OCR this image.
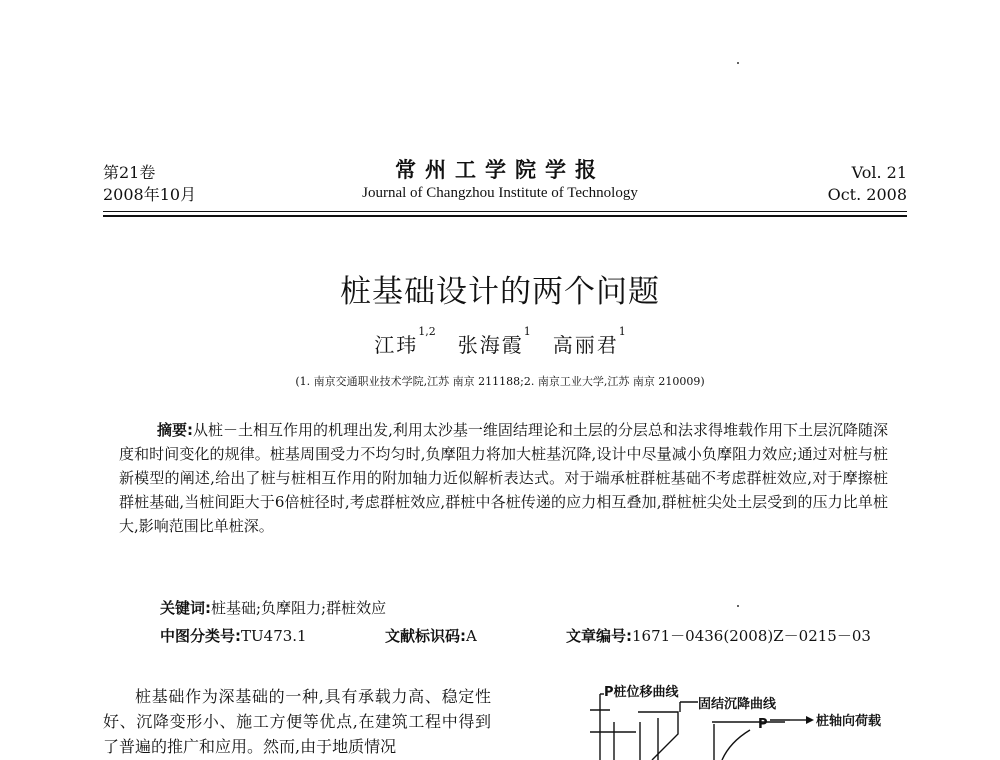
第21卷
2008年10月
常州工学院学报
Journal of Changzhou Institute of Technology
Vol. 21
Oct. 2008
桩基础设计的两个问题
江玮$^{1,2}$张海霞$^1$高丽君$^1$
(1. 南京交通职业技术学院,江苏 南京 211188;2. 南京工业大学,江苏 南京 210009)
摘要:从桩－土相互作用的机理出发,利用太沙基一维固结理论和土层的分层总和法求得堆载作用下土层沉降随深度和时间变化的规律。桩基周围受力不均匀时,负摩阻力将加大桩基沉降,设计中尽量减小负摩阻力效应;通过对桩与桩新模型的阐述,给出了桩与桩相互作用的附加轴力近似解析表达式。对于端承桩群桩基础不考虑群桩效应,对于摩擦桩群桩基础,当桩间距大于6倍桩径时,考虑群桩效应,群桩中各桩传递的应力相互叠加,群桩桩尖处土层受到的压力比单桩大,影响范围比单桩深。
关键词:桩基础;负摩阻力;群桩效应
中图分类号:TU473.1	文献标识码:A	文章编号:1671－0436(2008)Z－0215－03

桩基础作为深基础的一种,具有承载力高、稳定性好、沉降变形小、施工方便等优点,在建筑工程中得到了普遍的推广和应用。然而,由于地质情况

P桩位移曲线
固结沉降曲线
桩轴向荷载
P
